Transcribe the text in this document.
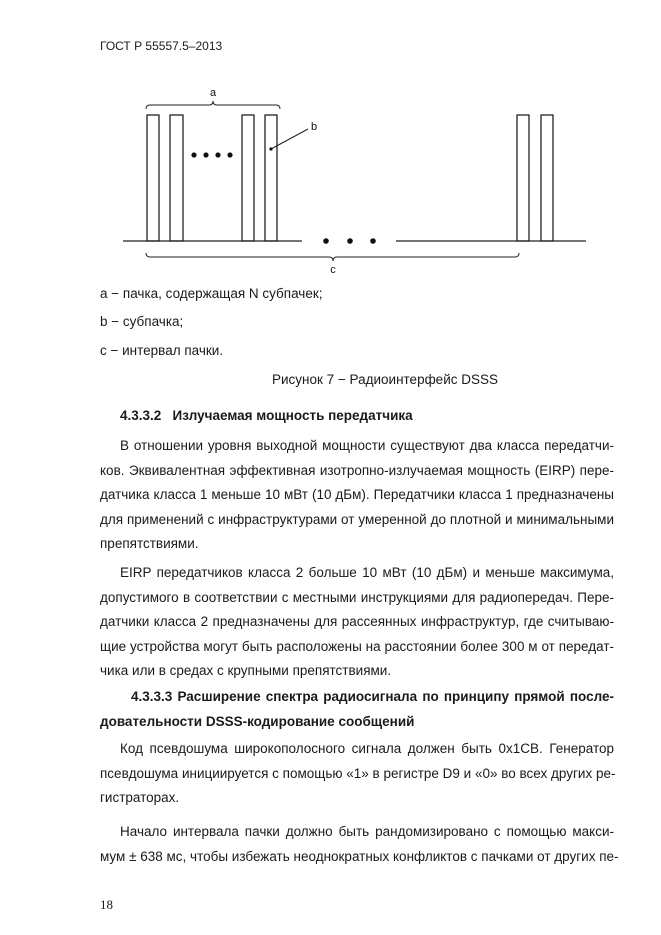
ГОСТ Р 55557.5–2013
a
b
c
a − пачка, содержащая N субпачек;
b − субпачка;
c − интервал пачки.
Рисунок 7 − Радиоинтерфейс DSSS
4.3.3.2   Излучаемая мощность передатчика
В отношении уровня выходной мощности существуют два класса передатчи-
ков. Эквивалентная эффективная изотропно-излучаемая мощность (EIRP) пере-
датчика класса 1 меньше 10 мВт (10 дБм). Передатчики класса 1 предназначены
для применений с инфраструктурами от умеренной до плотной и минимальными
препятствиями.
EIRP передатчиков класса 2 больше 10 мВт (10 дБм) и меньше максимума,
допустимого в соответствии с местными инструкциями для радиопередач. Пере-
датчики класса 2 предназначены для рассеянных инфраструктур, где считываю-
щие устройства могут быть расположены на расстоянии более 300 м от передат-
чика или в средах с крупными препятствиями.
4.3.3.3 Расширение спектра радиосигнала по принципу прямой после-
довательности DSSS-кодирование сообщений
Код псевдошума широкополосного сигнала должен быть 0x1CB. Генератор
псевдошума инициируется с помощью «1» в регистре D9 и «0» во всех других ре-
гистраторах.
Начало интервала пачки должно быть рандомизировано с помощью макси-
мум ± 638 мс, чтобы избежать неоднократных конфликтов с пачками от других пе-
18
